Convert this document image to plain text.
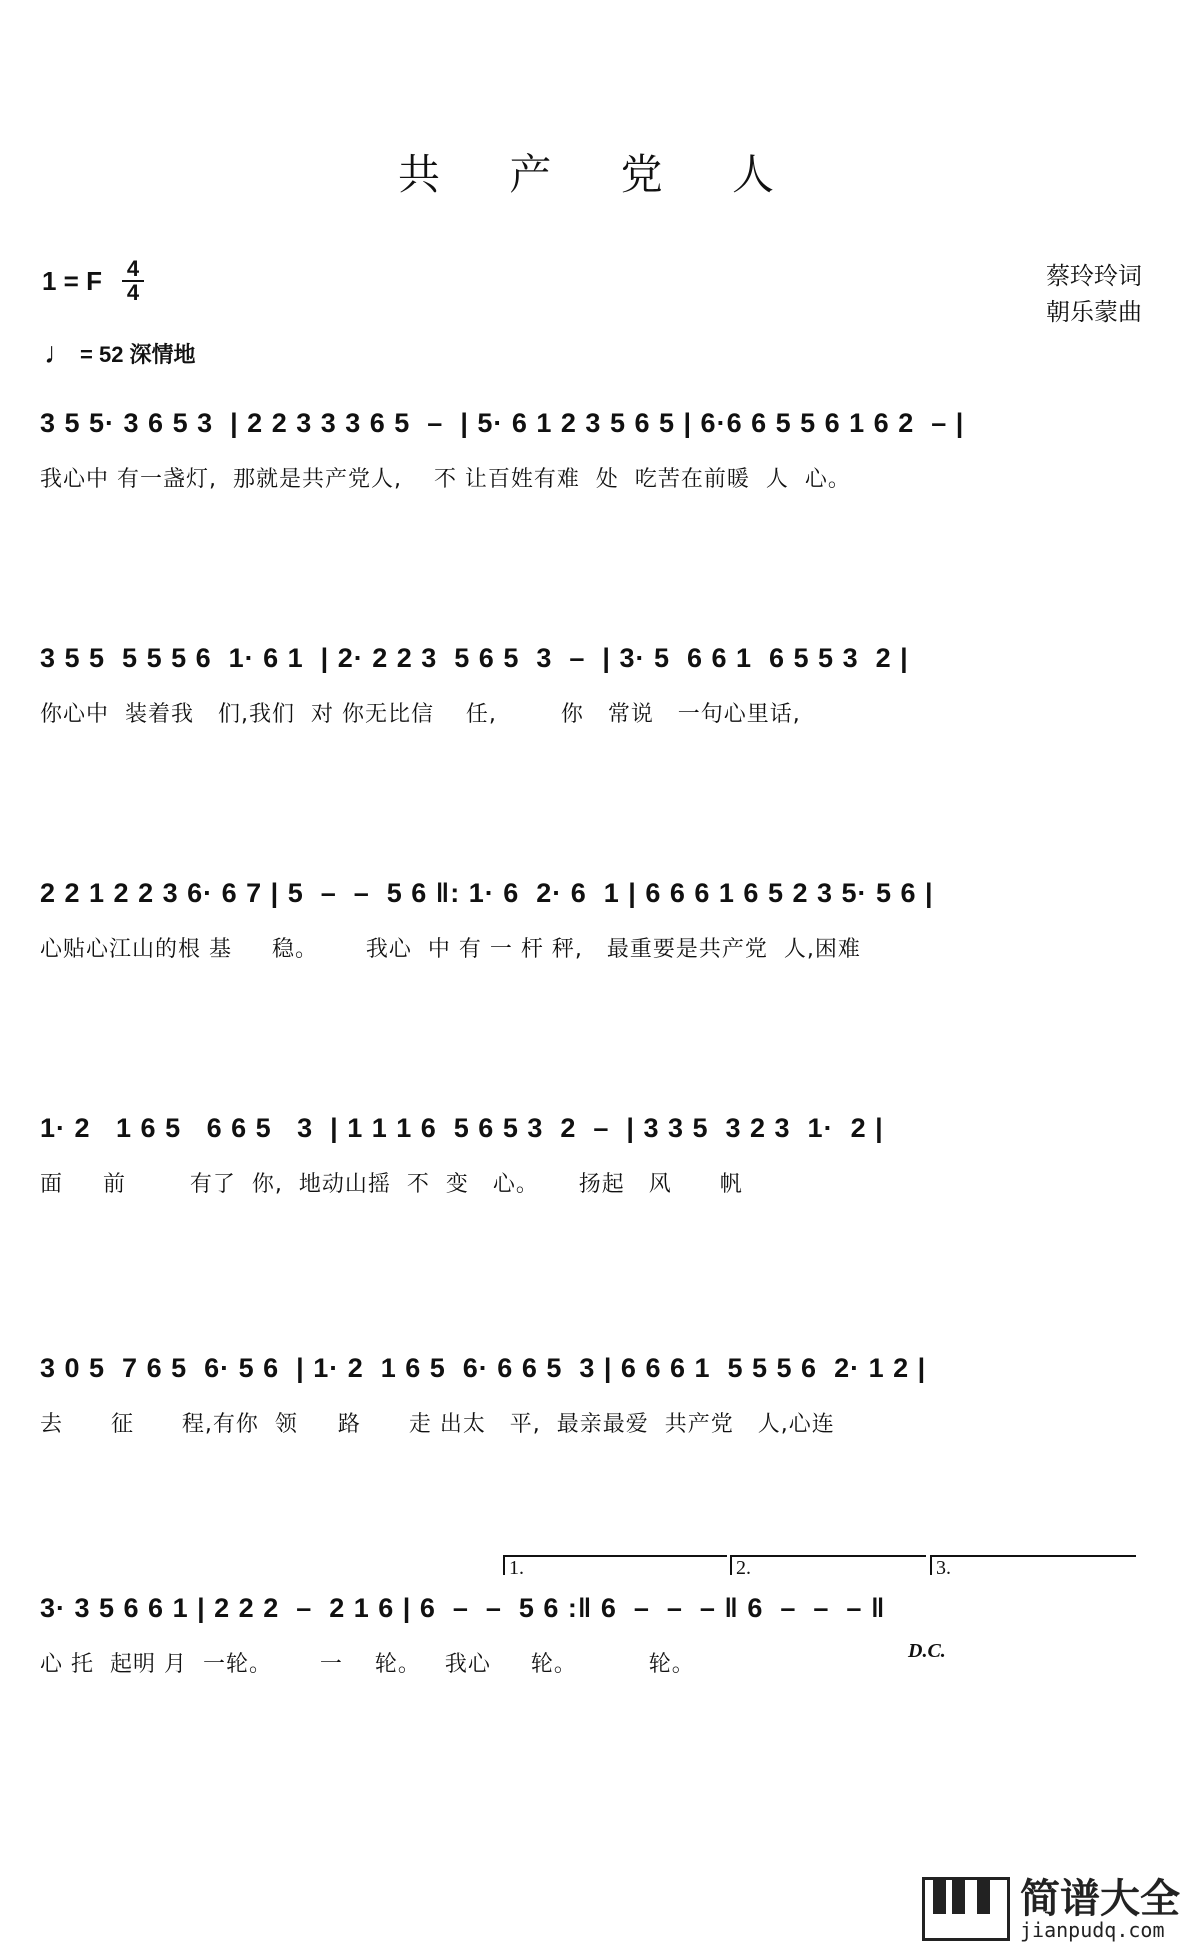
共 产 党 人
1 = F	4
4
蔡玲玲词
朝乐蒙曲
♩ = 52 深情地
3 5 5· 3 6 5 3  | 2 2 3 3 3 6 5  –  | 5· 6 1 2 3 5 6 5 | 6·6 6 5 5 6 1 6 2  – |
我心中 有一盏灯,  那就是共产党人,    不 让百姓有难  处  吃苦在前暖  人  心。
3 5 5  5 5 5 6  1· 6 1  | 2· 2 2 3  5 6 5  3  –  | 3· 5  6 6 1  6 5 5 3  2 |
你心中  装着我   们,我们  对 你无比信    任,        你   常说   一句心里话,
2 2 1 2 2 3 6· 6 7 | 5  –  –  5 6 ‖: 1· 6  2· 6  1 | 6 6 6 1 6 5 2 3 5· 5 6 |
心贴心江山的根 基     稳。      我心  中 有 一 杆 秤,   最重要是共产党  人,困难
1· 2   1 6 5   6 6 5   3  | 1 1 1 6  5 6 5 3  2  –  | 3 3 5  3 2 3  1·  2 |
面     前        有了  你,  地动山摇  不  变   心。     扬起   风      帆
3 0 5  7 6 5  6· 5 6  | 1· 2  1 6 5  6· 6 6 5  3 | 6 6 6 1  5 5 5 6  2· 1 2 |
去      征      程,有你  领     路      走 出太   平,  最亲最爱  共产党   人,心连
1.	2.	3.
3· 3 5 6 6 1 | 2 2 2  –  2 1 6 | 6  –  –  5 6 :‖ 6  –  –  – ‖ 6  –  –  – ‖
心 托  起明 月  一轮。      一    轮。   我心     轮。         轮。
D.C.
简谱大全
jianpudq.com
